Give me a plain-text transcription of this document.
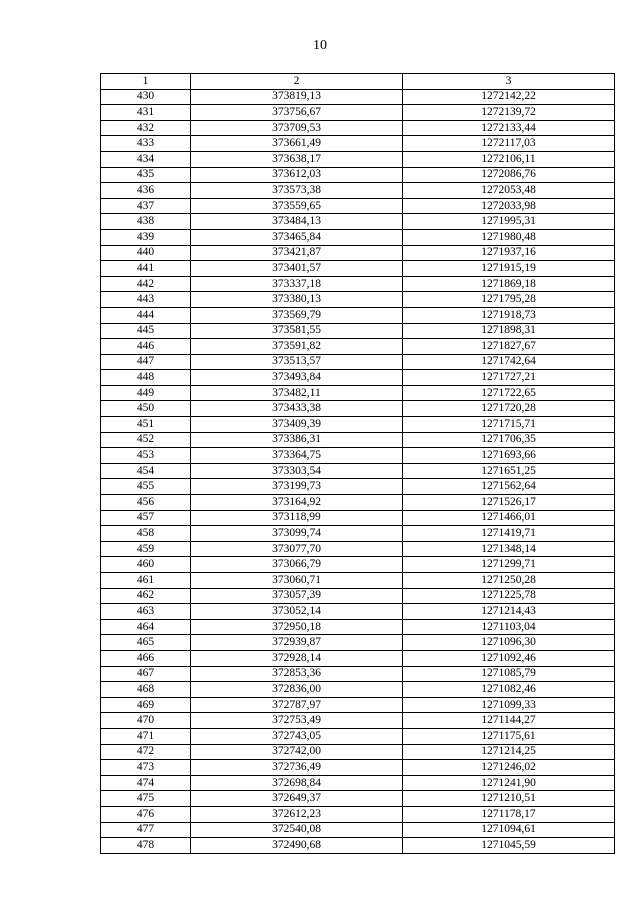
10
1	2	3
430	373819,13	1272142,22
431	373756,67	1272139,72
432	373709,53	1272133,44
433	373661,49	1272117,03
434	373638,17	1272106,11
435	373612,03	1272086,76
436	373573,38	1272053,48
437	373559,65	1272033,98
438	373484,13	1271995,31
439	373465,84	1271980,48
440	373421,87	1271937,16
441	373401,57	1271915,19
442	373337,18	1271869,18
443	373380,13	1271795,28
444	373569,79	1271918,73
445	373581,55	1271898,31
446	373591,82	1271827,67
447	373513,57	1271742,64
448	373493,84	1271727,21
449	373482,11	1271722,65
450	373433,38	1271720,28
451	373409,39	1271715,71
452	373386,31	1271706,35
453	373364,75	1271693,66
454	373303,54	1271651,25
455	373199,73	1271562,64
456	373164,92	1271526,17
457	373118,99	1271466,01
458	373099,74	1271419,71
459	373077,70	1271348,14
460	373066,79	1271299,71
461	373060,71	1271250,28
462	373057,39	1271225,78
463	373052,14	1271214,43
464	372950,18	1271103,04
465	372939,87	1271096,30
466	372928,14	1271092,46
467	372853,36	1271085,79
468	372836,00	1271082,46
469	372787,97	1271099,33
470	372753,49	1271144,27
471	372743,05	1271175,61
472	372742,00	1271214,25
473	372736,49	1271246,02
474	372698,84	1271241,90
475	372649,37	1271210,51
476	372612,23	1271178,17
477	372540,08	1271094,61
478	372490,68	1271045,59
